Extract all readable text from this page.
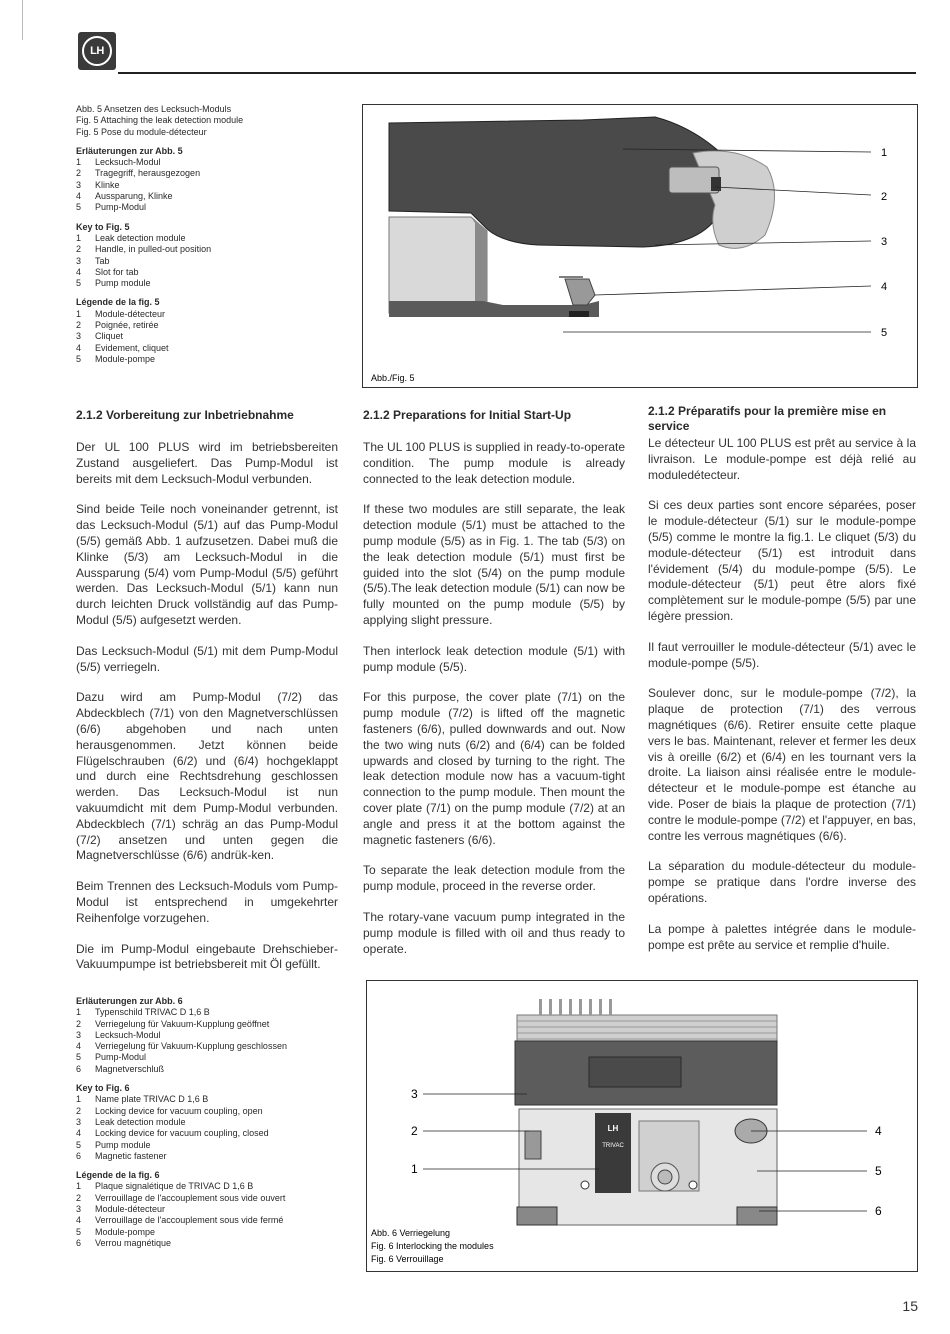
LH
Abb. 5 Ansetzen des Lecksuch-Moduls
Fig. 5 Attaching the leak detection module
Fig. 5 Pose du module-détecteur
Erläuterungen zur Abb. 5
1 Lecksuch-Modul
2 Tragegriff, herausgezogen
3 Klinke
4 Aussparung, Klinke
5 Pump-Modul
Key to Fig. 5
1 Leak detection module
2 Handle, in pulled-out position
3 Tab
4 Slot for tab
5 Pump module
Légende de la fig. 5
1 Module-détecteur
2 Poignée, retirée
3 Cliquet
4 Evidement, cliquet
5 Module-pompe
1
2
3
4
5
Abb./Fig. 5
2.1.2 Vorbereitung zur Inbetriebnahme

Der UL 100 PLUS wird im betriebsbereiten Zustand ausgeliefert. Das Pump-Modul ist bereits mit dem Lecksuch-Modul verbunden.

Sind beide Teile noch voneinander getrennt, ist das Lecksuch-Modul (5/1) auf das Pump-Modul (5/5) gemäß Abb. 1 aufzusetzen. Dabei muß die Klinke (5/3) am Lecksuch-Modul in die Aussparung (5/4) vom Pump-Modul (5/5) geführt werden. Das Lecksuch-Modul (5/1) kann nun durch leichten Druck vollständig auf das Pump-Modul (5/5) aufgesetzt werden.

Das Lecksuch-Modul (5/1) mit dem Pump-Modul (5/5) verriegeln.

Dazu wird am Pump-Modul (7/2) das Abdeckblech (7/1) von den Magnetverschlüssen (6/6) abgehoben und nach unten herausgenommen. Jetzt können beide Flügelschrauben (6/2) und (6/4) hochgeklappt und durch eine Rechtsdrehung geschlossen werden. Das Lecksuch-Modul ist nun vakuumdicht mit dem Pump-Modul verbunden. Abdeckblech (7/1) schräg an das Pump-Modul (7/2) ansetzen und unten gegen die Magnetverschlüsse (6/6) andrük-ken.

Beim Trennen des Lecksuch-Moduls vom Pump-Modul ist entsprechend in umgekehrter Reihenfolge vorzugehen.

Die im Pump-Modul eingebaute Drehschieber-Vakuumpumpe ist betriebsbereit mit Öl gefüllt.

2.1.2 Preparations for Initial Start-Up

The UL 100 PLUS is supplied in ready-to-operate condition. The pump module is already connected to the leak detection module.

If these two modules are still separate, the leak detection module (5/1) must be attached to the pump module (5/5) as in Fig. 1. The tab (5/3) on the leak detection module (5/1) must first be guided into the slot (5/4) on the pump module (5/5).The leak detection module (5/1) can now be fully mounted on the pump module (5/5) by applying slight pressure.

Then interlock leak detection module (5/1) with pump module (5/5).

For this purpose, the cover plate (7/1) on the pump module (7/2) is lifted off the magnetic fasteners (6/6), pulled downwards and out. Now the two wing nuts (6/2) and (6/4) can be folded upwards and closed by turning to the right. The leak detection module now has a vacuum-tight connection to the pump module. Then mount the cover plate (7/1) on the pump module (7/2) at an angle and press it at the bottom against the magnetic fasteners (6/6).

To separate the leak detection module from the pump module, proceed in the reverse order.

The rotary-vane vacuum pump integrated in the pump module is filled with oil and thus ready to operate.

2.1.2 Préparatifs pour la première mise en service

Le détecteur UL 100 PLUS est prêt au service à la livraison. Le module-pompe est déjà relié au moduledétecteur.

Si ces deux parties sont encore séparées, poser le module-détecteur (5/1) sur le module-pompe (5/5) comme le montre la fig.1. Le cliquet (5/3) du module-détecteur (5/1) est introduit dans l'évidement (5/4) du module-pompe (5/5). Le module-détecteur (5/1) peut être alors fixé complètement sur le module-pompe (5/5) par une légère pression.

Il faut verrouiller le module-détecteur (5/1) avec le module-pompe (5/5).

Soulever donc, sur le module-pompe (7/2), la plaque de protection (7/1) des verrous magnétiques (6/6). Retirer ensuite cette plaque vers le bas. Maintenant, relever et fermer les deux vis à oreille (6/2) et (6/4) en les tournant vers la droite. La liaison ainsi réalisée entre le module-détecteur et le module-pompe est étanche au vide. Poser de biais la plaque de protection (7/1) contre le module-pompe (7/2) et l'appuyer, en bas, contre les verrous magnétiques (6/6).

La séparation du module-détecteur du module-pompe se pratique dans l'ordre inverse des opérations.

La pompe à palettes intégrée dans le module-pompe est prête au service et remplie d'huile.

Erläuterungen zur Abb. 6
1 Typenschild TRIVAC D 1,6 B
2 Verriegelung für Vakuum-Kupplung geöffnet
3 Lecksuch-Modul
4 Verriegelung für Vakuum-Kupplung geschlossen
5 Pump-Modul
6 Magnetverschluß
Key to Fig. 6
1 Name plate TRIVAC D 1,6 B
2 Locking device for vacuum coupling, open
3 Leak detection module
4 Locking device for vacuum coupling, closed
5 Pump module
6 Magnetic fastener
Légende de la fig. 6
1 Plaque signalétique de TRIVAC D 1,6 B
2 Verrouillage de l'accouplement sous vide ouvert
3 Module-détecteur
4 Verrouillage de l'accouplement sous vide fermé
5 Module-pompe
6 Verrou magnétique
LH
TRIVAC
3
2
1
4
5
6
Abb. 6 Verriegelung
Fig. 6 Interlocking the modules
Fig. 6 Verrouillage
15
